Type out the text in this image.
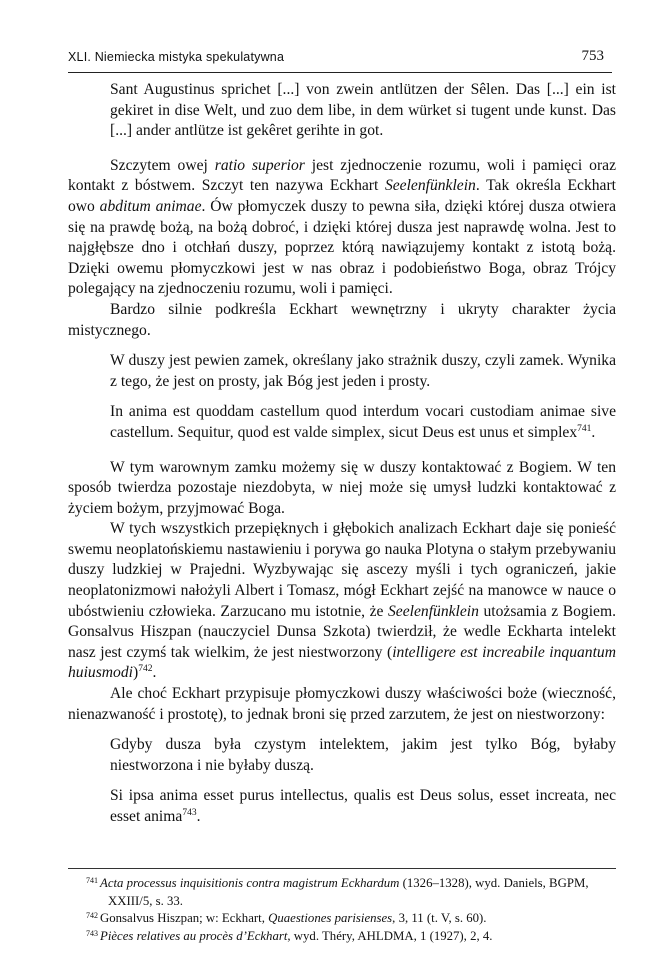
XLI. Niemiecka mistyka spekulatywna	753

Sant Augustinus sprichet [...] von zwein antlützen der Sêlen. Das [...] ein ist gekiret in dise Welt, und zuo dem libe, in dem würket si tugent unde kunst. Das [...] ander antlütze ist gekêret gerihte in got.

Szczytem owej ratio superior jest zjednoczenie rozumu, woli i pamięci oraz kontakt z bóstwem. Szczyt ten nazywa Eckhart Seelenfünklein. Tak określa Eckhart owo abditum animae. Ów płomyczek duszy to pewna siła, dzięki której dusza otwiera się na prawdę bożą, na bożą dobroć, i dzięki której dusza jest naprawdę wolna. Jest to najgłębsze dno i otchłań duszy, poprzez którą nawiązujemy kontakt z istotą bożą. Dzięki owemu płomyczkowi jest w nas obraz i podobieństwo Boga, obraz Trójcy polegający na zjednoczeniu rozumu, woli i pamięci.

Bardzo silnie podkreśla Eckhart wewnętrzny i ukryty charakter życia mistycznego.

W duszy jest pewien zamek, określany jako strażnik duszy, czyli zamek. Wynika z tego, że jest on prosty, jak Bóg jest jeden i prosty.

In anima est quoddam castellum quod interdum vocari custodiam animae sive castellum. Sequitur, quod est valde simplex, sicut Deus est unus et simplex$^{741}$.

W tym warownym zamku możemy się w duszy kontaktować z Bogiem. W ten sposób twierdza pozostaje niezdobyta, w niej może się umysł ludzki kontaktować z życiem bożym, przyjmować Boga.

W tych wszystkich przepięknych i głębokich analizach Eckhart daje się ponieść swemu neoplatońskiemu nastawieniu i porywa go nauka Plotyna o stałym przebywaniu duszy ludzkiej w Prajedni. Wyzbywając się ascezy myśli i tych ograniczeń, jakie neoplatonizmowi nałożyli Albert i Tomasz, mógł Eckhart zejść na manowce w nauce o ubóstwieniu człowieka. Zarzucano mu istotnie, że Seelenfünklein utożsamia z Bogiem. Gonsalvus Hiszpan (nauczyciel Dunsa Szkota) twierdził, że wedle Eckharta intelekt nasz jest czymś tak wielkim, że jest niestworzony (intelligere est increabile inquantum huiusmodi)$^{742}$.

Ale choć Eckhart przypisuje płomyczkowi duszy właściwości boże (wieczność, nienazwaność i prostotę), to jednak broni się przed zarzutem, że jest on niestworzony:

Gdyby dusza była czystym intelektem, jakim jest tylko Bóg, byłaby niestworzona i nie byłaby duszą.

Si ipsa anima esset purus intellectus, qualis est Deus solus, esset increata, nec esset anima$^{743}$.

$^{741}$ Acta processus inquisitionis contra magistrum Eckhardum (1326–1328), wyd. Daniels, BGPM, XXIII/5, s. 33.

$^{742}$ Gonsalvus Hiszpan; w: Eckhart, Quaestiones parisienses, 3, 11 (t. V, s. 60).

$^{743}$ Pièces relatives au procès d’Eckhart, wyd. Théry, AHLDMA, 1 (1927), 2, 4.
